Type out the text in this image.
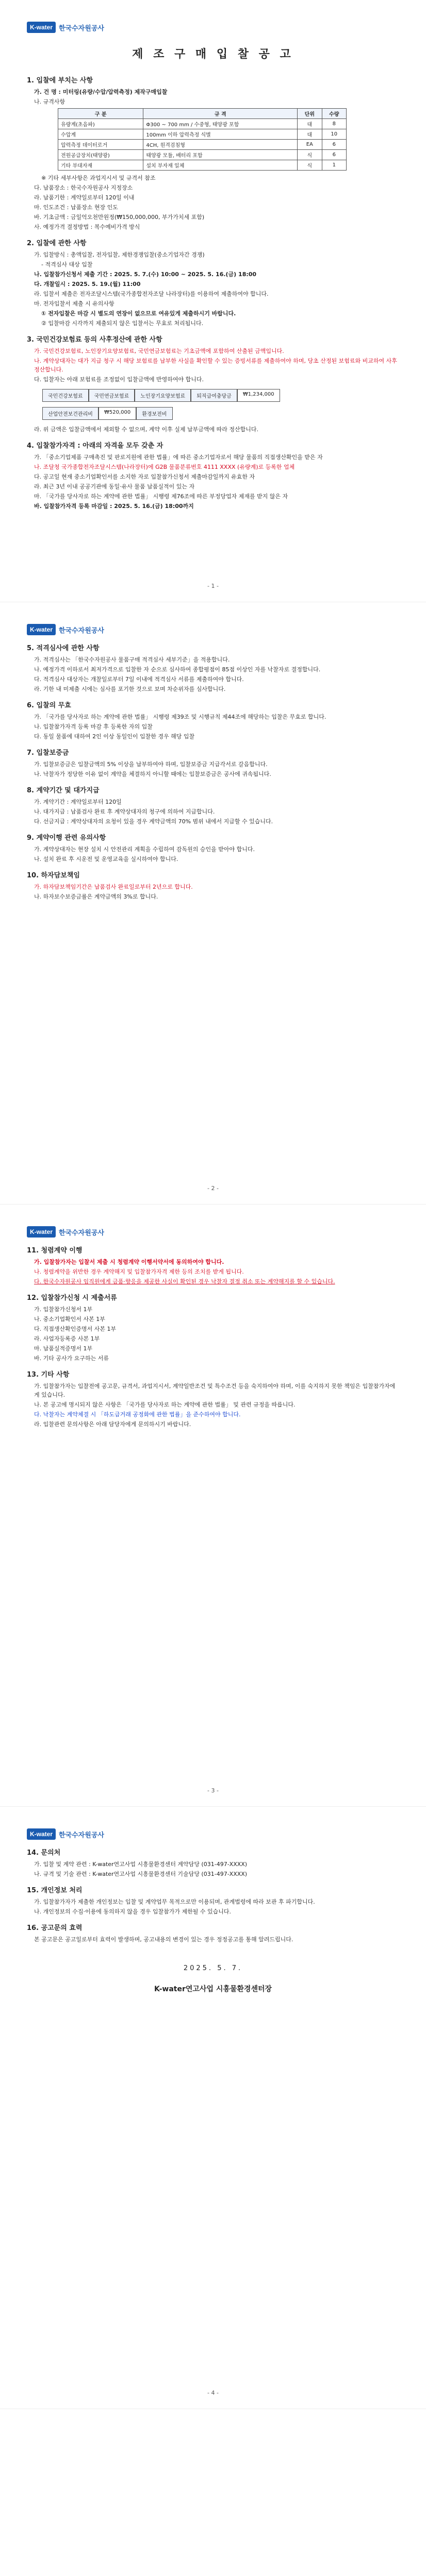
K-water 한국수자원공사
제 조 구 매 입 찰 공 고
1. 입찰에 부치는 사항

가. 건 명 : 미터링(유량/수압/압력측정) 제작구매입찰

나. 규격사항

구 분	규 격	단위	수량
유량계(초음파)	Φ300 ~ 700 mm / 수중형, 태양광 포함	대	8
수압계	100mm 이하 압력측정 식별	대	10
압력측정 데이터로거	4CH, 원격검침형	EA	6
전원공급장치(태양광)	태양광 모듈, 배터리 포함	식	6
기타 부대자재	설치 부자재 일체	식	1

※ 기타 세부사항은 과업지시서 및 규격서 참조

다. 납품장소 : 한국수자원공사 지정장소

라. 납품기한 : 계약일로부터 120일 이내

마. 인도조건 : 납품장소 현장 인도

바. 기초금액 : 금일억오천만원정(₩150,000,000, 부가가치세 포함)

사. 예정가격 결정방법 : 복수예비가격 방식

2. 입찰에 관한 사항

가. 입찰방식 : 총액입찰, 전자입찰, 제한경쟁입찰(중소기업자간 경쟁)

- 적격심사 대상 입찰

나. 입찰참가신청서 제출 기간 : 2025. 5. 7.(수) 10:00 ~ 2025. 5. 16.(금) 18:00

다. 개찰일시 : 2025. 5. 19.(월) 11:00

라. 입찰서 제출은 전자조달시스템(국가종합전자조달 나라장터)를 이용하여 제출하여야 합니다.

마. 전자입찰서 제출 시 유의사항

① 전자입찰은 마감 시 별도의 연장이 없으므로 여유있게 제출하시기 바랍니다.

② 입찰마감 시각까지 제출되지 않은 입찰서는 무효로 처리됩니다.

3. 국민건강보험료 등의 사후정산에 관한 사항

가. 국민건강보험료, 노인장기요양보험료, 국민연금보험료는 기초금액에 포함하여 산출된 금액입니다.

나. 계약상대자는 대가 지급 청구 시 해당 보험료를 납부한 사실을 확인할 수 있는 증빙서류를 제출하여야 하며, 당초 산정된 보험료와 비교하여 사후정산합니다.

다. 입찰자는 아래 보험료를 조정없이 입찰금액에 반영하여야 합니다.

국민건강보험료	국민연금보험료	노인장기요양보험료	퇴직급여충당금	₩1,234,000
산업안전보건관리비	₩520,000	환경보전비

라. 위 금액은 입찰금액에서 제외할 수 없으며, 계약 이후 실제 납부금액에 따라 정산합니다.

4. 입찰참가자격 : 아래의 자격을 모두 갖춘 자

가. 「중소기업제품 구매촉진 및 판로지원에 관한 법률」에 따른 중소기업자로서 해당 물품의 직접생산확인을 받은 자

나. 조달청 국가종합전자조달시스템(나라장터)에 G2B 물품분류번호 4111 XXXX (유량계)로 등록한 업체

다. 공고일 현재 중소기업확인서를 소지한 자로 입찰참가신청서 제출마감일까지 유효한 자

라. 최근 3년 이내 공공기관에 동일·유사 물품 납품실적이 있는 자

마. 「국가를 당사자로 하는 계약에 관한 법률」 시행령 제76조에 따른 부정당업자 제재를 받지 않은 자

바. 입찰참가자격 등록 마감일 : 2025. 5. 16.(금) 18:00까지

- 1 -
K-water 한국수자원공사
5. 적격심사에 관한 사항

가. 적격심사는 「한국수자원공사 물품구매 적격심사 세부기준」을 적용합니다.

나. 예정가격 이하로서 최저가격으로 입찰한 자 순으로 심사하여 종합평점이 85점 이상인 자를 낙찰자로 결정합니다.

다. 적격심사 대상자는 개찰일로부터 7일 이내에 적격심사 서류를 제출하여야 합니다.

라. 기한 내 미제출 시에는 심사를 포기한 것으로 보며 차순위자를 심사합니다.

6. 입찰의 무효

가. 「국가를 당사자로 하는 계약에 관한 법률」 시행령 제39조 및 시행규칙 제44조에 해당하는 입찰은 무효로 합니다.

나. 입찰참가자격 등록 마감 후 등록한 자의 입찰

다. 동일 물품에 대하여 2인 이상 동일인이 입찰한 경우 해당 입찰

7. 입찰보증금

가. 입찰보증금은 입찰금액의 5% 이상을 납부하여야 하며, 입찰보증금 지급각서로 갈음합니다.

나. 낙찰자가 정당한 이유 없이 계약을 체결하지 아니할 때에는 입찰보증금은 공사에 귀속됩니다.

8. 계약기간 및 대가지급

가. 계약기간 : 계약일로부터 120일

나. 대가지급 : 납품검사 완료 후 계약상대자의 청구에 의하여 지급합니다.

다. 선금지급 : 계약상대자의 요청이 있을 경우 계약금액의 70% 범위 내에서 지급할 수 있습니다.

9. 계약이행 관련 유의사항

가. 계약상대자는 현장 설치 시 안전관리 계획을 수립하여 감독원의 승인을 받아야 합니다.

나. 설치 완료 후 시운전 및 운영교육을 실시하여야 합니다.

10. 하자담보책임

가. 하자담보책임기간은 납품검사 완료일로부터 2년으로 합니다.

나. 하자보수보증금률은 계약금액의 3%로 합니다.

- 2 -
K-water 한국수자원공사
11. 청렴계약 이행

가. 입찰참가자는 입찰서 제출 시 청렴계약 이행서약서에 동의하여야 합니다.

나. 청렴계약을 위반한 경우 계약해지 및 입찰참가자격 제한 등의 조치를 받게 됩니다.

다. 한국수자원공사 임직원에게 금품·향응을 제공한 사실이 확인된 경우 낙찰자 결정 취소 또는 계약해지를 할 수 있습니다.

12. 입찰참가신청 시 제출서류

가. 입찰참가신청서 1부

나. 중소기업확인서 사본 1부

다. 직접생산확인증명서 사본 1부

라. 사업자등록증 사본 1부

마. 납품실적증명서 1부

바. 기타 공사가 요구하는 서류

13. 기타 사항

가. 입찰참가자는 입찰전에 공고문, 규격서, 과업지시서, 계약일반조건 및 특수조건 등을 숙지하여야 하며, 이를 숙지하지 못한 책임은 입찰참가자에게 있습니다.

나. 본 공고에 명시되지 않은 사항은 「국가를 당사자로 하는 계약에 관한 법률」 및 관련 규정을 따릅니다.

다. 낙찰자는 계약체결 시 「하도급거래 공정화에 관한 법률」을 준수하여야 합니다.

라. 입찰관련 문의사항은 아래 담당자에게 문의하시기 바랍니다.

- 3 -
K-water 한국수자원공사
14. 문의처

가. 입찰 및 계약 관련 : K-water연고사업 시흥물환경센터 계약담당 (031-497-XXXX)

나. 규격 및 기술 관련 : K-water연고사업 시흥물환경센터 기술담당 (031-497-XXXX)

15. 개인정보 처리

가. 입찰참가자가 제출한 개인정보는 입찰 및 계약업무 목적으로만 이용되며, 관계법령에 따라 보관 후 파기합니다.

나. 개인정보의 수집·이용에 동의하지 않을 경우 입찰참가가 제한될 수 있습니다.

16. 공고문의 효력

본 공고문은 공고일로부터 효력이 발생하며, 공고내용의 변경이 있는 경우 정정공고를 통해 알려드립니다.

2025. 5. 7.
K-water연고사업 시흥물환경센터장
- 4 -
